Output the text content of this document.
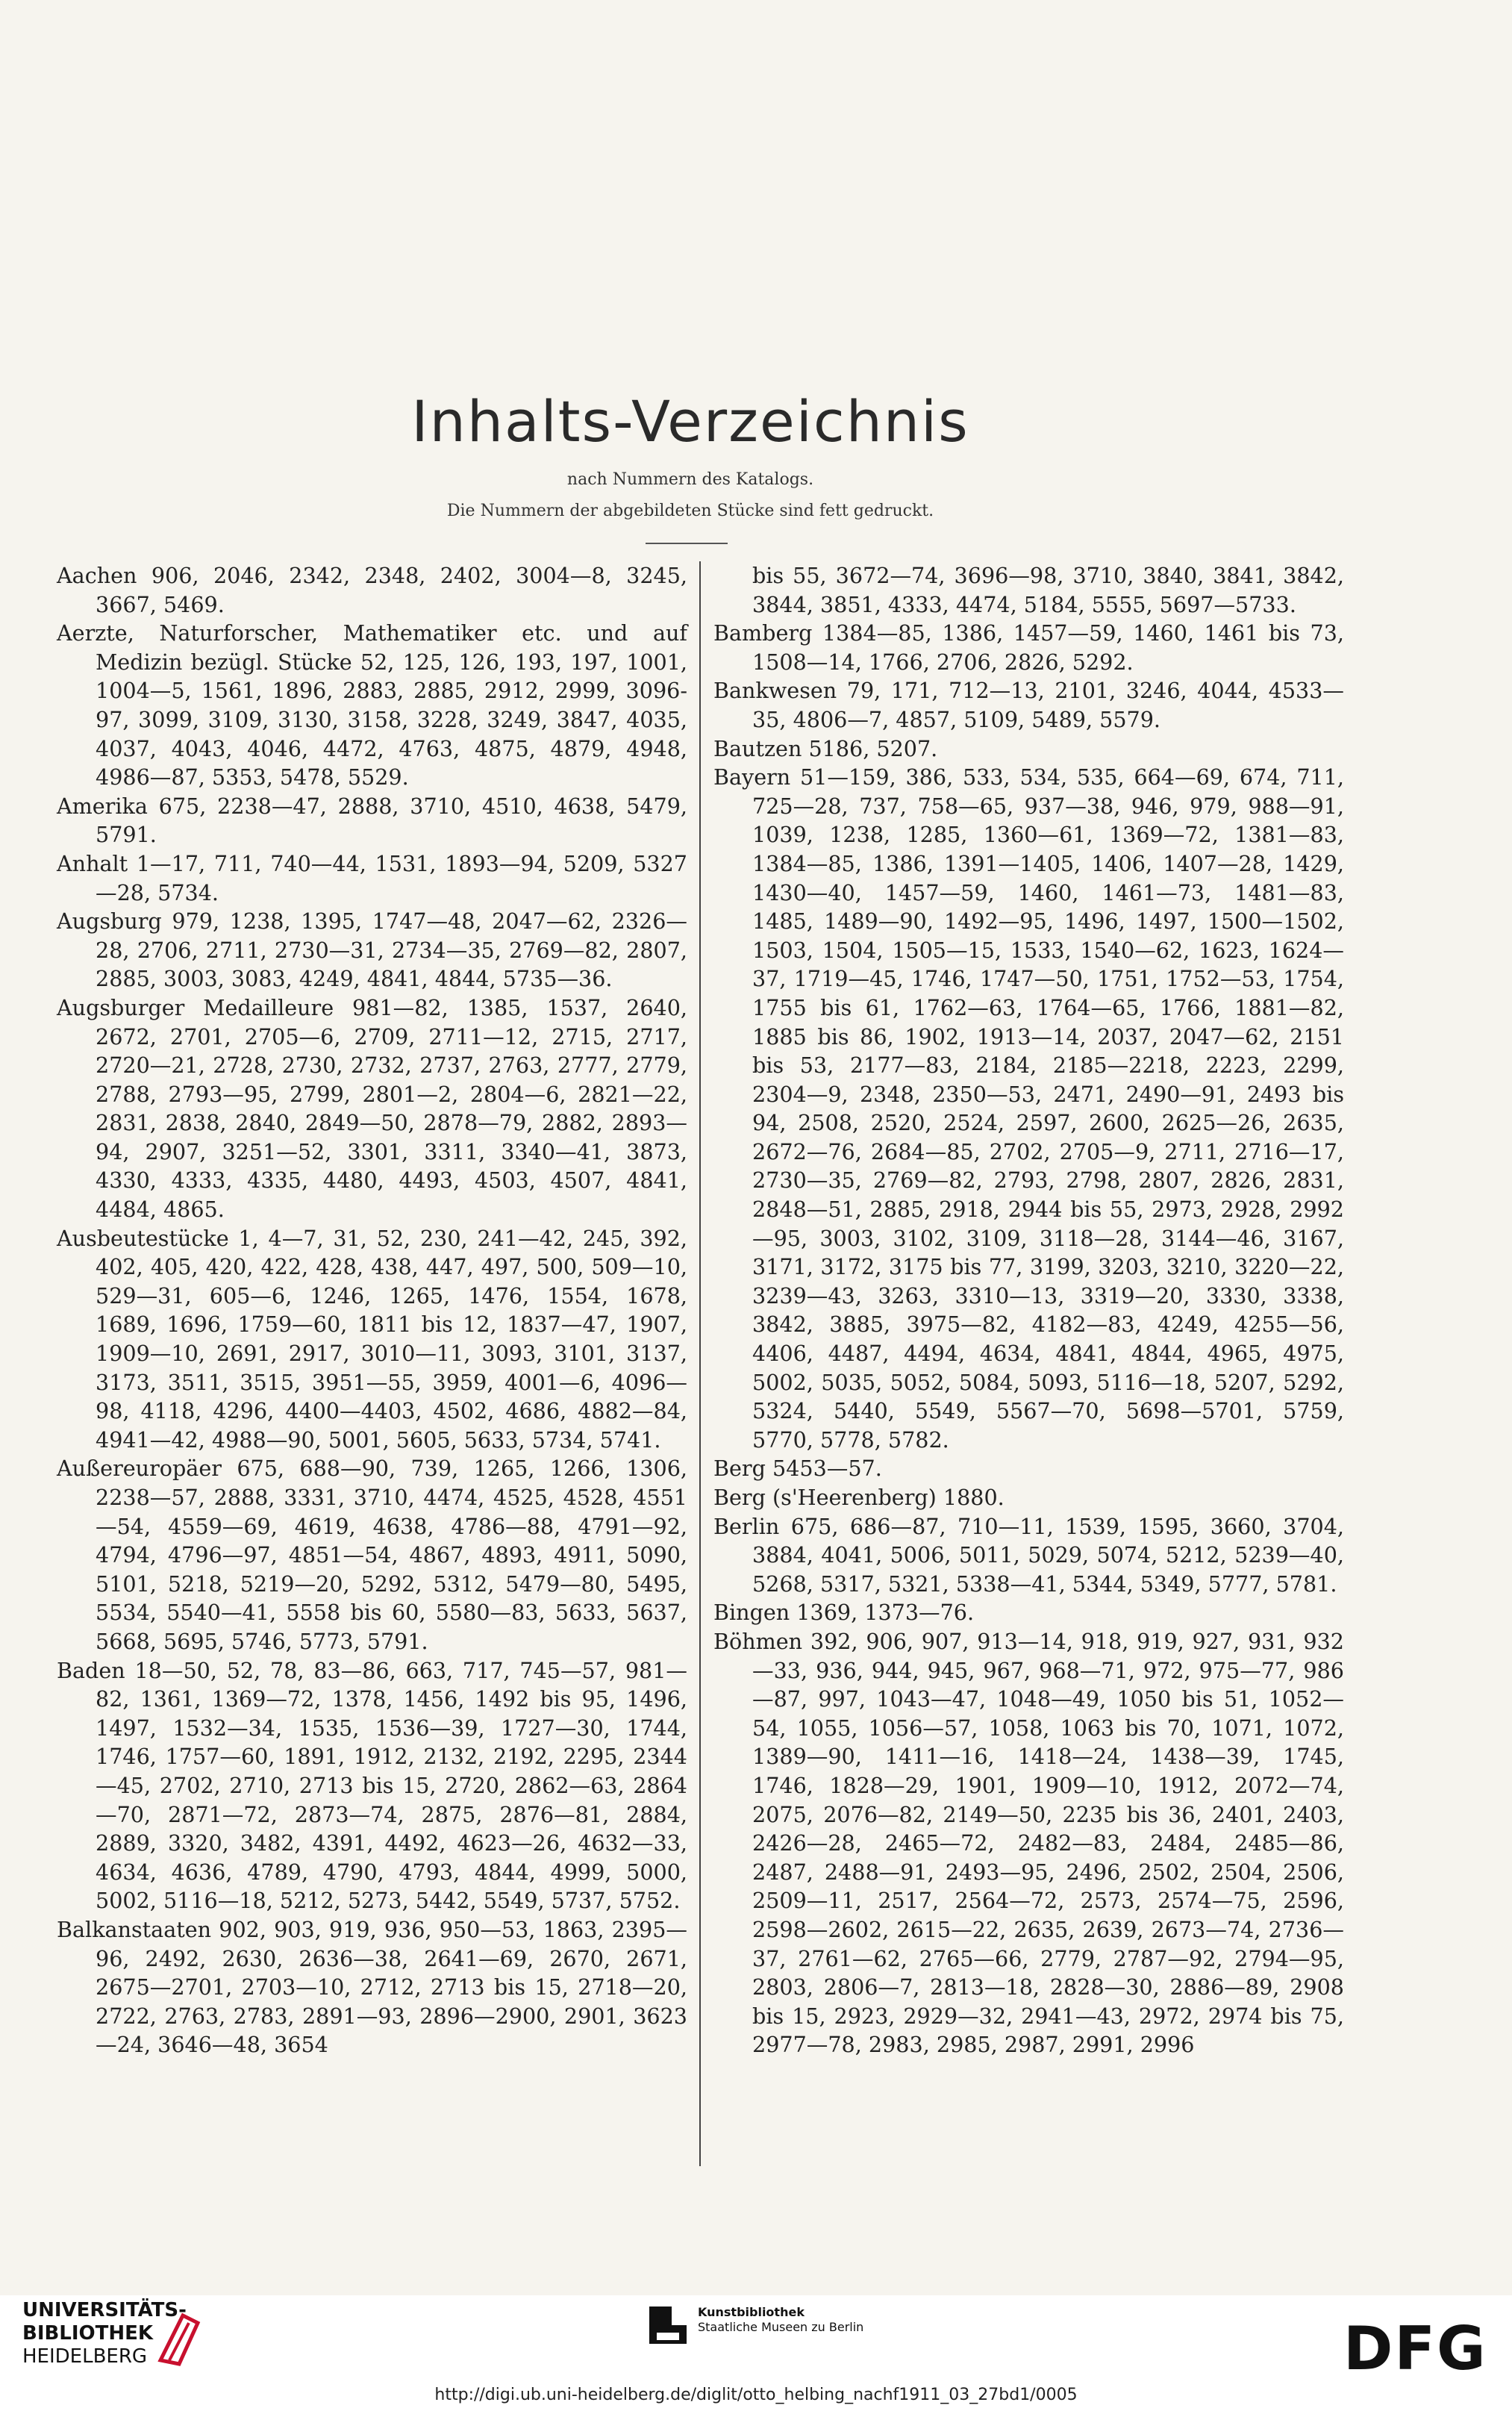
Inhalts-Verzeichnis
nach Nummern des Katalogs.
Die Nummern der abgebildeten Stücke sind fett gedruckt.

Aachen 906, 2046, 2342, 2348, 2402, 3004—8, 3245, 3667, 5469.

Aerzte, Naturforscher, Mathematiker etc. und auf Medizin bezügl. Stücke 52, 125, 126, 193, 197, 1001, 1004—5, 1561, 1896, 2883, 2885, 2912, 2999, 3096- 97, 3099, 3109, 3130, 3158, 3228, 3249, 3847, 4035, 4037, 4043, 4046, 4472, 4763, 4875, 4879, 4948, 4986—87, 5353, 5478, 5529.

Amerika 675, 2238—47, 2888, 3710, 4510, 4638, 5479, 5791.

Anhalt 1—17, 711, 740—44, 1531, 1893—94, 5209, 5327—28, 5734.

Augsburg 979, 1238, 1395, 1747—48, 2047—62, 2326—28, 2706, 2711, 2730—31, 2734—35, 2769—82, 2807, 2885, 3003, 3083, 4249, 4841, 4844, 5735—36.

Augsburger Medailleure 981—82, 1385, 1537, 2640, 2672, 2701, 2705—6, 2709, 2711—12, 2715, 2717, 2720—21, 2728, 2730, 2732, 2737, 2763, 2777, 2779, 2788, 2793—95, 2799, 2801—2, 2804—6, 2821—22, 2831, 2838, 2840, 2849—50, 2878—79, 2882, 2893—94, 2907, 3251—52, 3301, 3311, 3340—41, 3873, 4330, 4333, 4335, 4480, 4493, 4503, 4507, 4841, 4484, 4865.

Ausbeutestücke 1, 4—7, 31, 52, 230, 241—42, 245, 392, 402, 405, 420, 422, 428, 438, 447, 497, 500, 509—10, 529—31, 605—6, 1246, 1265, 1476, 1554, 1678, 1689, 1696, 1759—60, 1811 bis 12, 1837—47, 1907, 1909—10, 2691, 2917, 3010—11, 3093, 3101, 3137, 3173, 3511, 3515, 3951—55, 3959, 4001—6, 4096—98, 4118, 4296, 4400—4403, 4502, 4686, 4882—84, 4941—42, 4988—90, 5001, 5605, 5633, 5734, 5741.

Außereuropäer 675, 688—90, 739, 1265, 1266, 1306, 2238—57, 2888, 3331, 3710, 4474, 4525, 4528, 4551—54, 4559—69, 4619, 4638, 4786—88, 4791—92, 4794, 4796—97, 4851—54, 4867, 4893, 4911, 5090, 5101, 5218, 5219—20, 5292, 5312, 5479—80, 5495, 5534, 5540—41, 5558 bis 60, 5580—83, 5633, 5637, 5668, 5695, 5746, 5773, 5791.

Baden 18—50, 52, 78, 83—86, 663, 717, 745—57, 981—82, 1361, 1369—72, 1378, 1456, 1492 bis 95, 1496, 1497, 1532—34, 1535, 1536—39, 1727—30, 1744, 1746, 1757—60, 1891, 1912, 2132, 2192, 2295, 2344—45, 2702, 2710, 2713 bis 15, 2720, 2862—63, 2864—70, 2871—72, 2873—74, 2875, 2876—81, 2884, 2889, 3320, 3482, 4391, 4492, 4623—26, 4632—33, 4634, 4636, 4789, 4790, 4793, 4844, 4999, 5000, 5002, 5116—18, 5212, 5273, 5442, 5549, 5737, 5752.

Balkanstaaten 902, 903, 919, 936, 950—53, 1863, 2395—96, 2492, 2630, 2636—38, 2641—69, 2670, 2671, 2675—2701, 2703—10, 2712, 2713 bis 15, 2718—20, 2722, 2763, 2783, 2891—93, 2896—2900, 2901, 3623—24, 3646—48, 3654

bis 55, 3672—74, 3696—98, 3710, 3840, 3841, 3842, 3844, 3851, 4333, 4474, 5184, 5555, 5697—5733.

Bamberg 1384—85, 1386, 1457—59, 1460, 1461 bis 73, 1508—14, 1766, 2706, 2826, 5292.

Bankwesen 79, 171, 712—13, 2101, 3246, 4044, 4533—35, 4806—7, 4857, 5109, 5489, 5579.

Bautzen 5186, 5207.

Bayern 51—159, 386, 533, 534, 535, 664—69, 674, 711, 725—28, 737, 758—65, 937—38, 946, 979, 988—91, 1039, 1238, 1285, 1360—61, 1369—72, 1381—83, 1384—85, 1386, 1391—1405, 1406, 1407—28, 1429, 1430—40, 1457—59, 1460, 1461—73, 1481—83, 1485, 1489—90, 1492—95, 1496, 1497, 1500—1502, 1503, 1504, 1505—15, 1533, 1540—62, 1623, 1624—37, 1719—45, 1746, 1747—50, 1751, 1752—53, 1754, 1755 bis 61, 1762—63, 1764—65, 1766, 1881—82, 1885 bis 86, 1902, 1913—14, 2037, 2047—62, 2151 bis 53, 2177—83, 2184, 2185—2218, 2223, 2299, 2304—9, 2348, 2350—53, 2471, 2490—91, 2493 bis 94, 2508, 2520, 2524, 2597, 2600, 2625—26, 2635, 2672—76, 2684—85, 2702, 2705—9, 2711, 2716—17, 2730—35, 2769—82, 2793, 2798, 2807, 2826, 2831, 2848—51, 2885, 2918, 2944 bis 55, 2973, 2928, 2992—95, 3003, 3102, 3109, 3118—28, 3144—46, 3167, 3171, 3172, 3175 bis 77, 3199, 3203, 3210, 3220—22, 3239—43, 3263, 3310—13, 3319—20, 3330, 3338, 3842, 3885, 3975—82, 4182—83, 4249, 4255—56, 4406, 4487, 4494, 4634, 4841, 4844, 4965, 4975, 5002, 5035, 5052, 5084, 5093, 5116—18, 5207, 5292, 5324, 5440, 5549, 5567—70, 5698—5701, 5759, 5770, 5778, 5782.

Berg 5453—57.

Berg (s'Heerenberg) 1880.

Berlin 675, 686—87, 710—11, 1539, 1595, 3660, 3704, 3884, 4041, 5006, 5011, 5029, 5074, 5212, 5239—40, 5268, 5317, 5321, 5338—41, 5344, 5349, 5777, 5781.

Bingen 1369, 1373—76.

Böhmen 392, 906, 907, 913—14, 918, 919, 927, 931, 932—33, 936, 944, 945, 967, 968—71, 972, 975—77, 986—87, 997, 1043—47, 1048—49, 1050 bis 51, 1052—54, 1055, 1056—57, 1058, 1063 bis 70, 1071, 1072, 1389—90, 1411—16, 1418—24, 1438—39, 1745, 1746, 1828—29, 1901, 1909—10, 1912, 2072—74, 2075, 2076—82, 2149—50, 2235 bis 36, 2401, 2403, 2426—28, 2465—72, 2482—83, 2484, 2485—86, 2487, 2488—91, 2493—95, 2496, 2502, 2504, 2506, 2509—11, 2517, 2564—72, 2573, 2574—75, 2596, 2598—2602, 2615—22, 2635, 2639, 2673—74, 2736—37, 2761—62, 2765—66, 2779, 2787—92, 2794—95, 2803, 2806—7, 2813—18, 2828—30, 2886—89, 2908 bis 15, 2923, 2929—32, 2941—43, 2972, 2974 bis 75, 2977—78, 2983, 2985, 2987, 2991, 2996

UNIVERSITÄTS-
BIBLIOTHEK
HEIDELBERG
Kunstbibliothek
Staatliche Museen zu Berlin	DFG
http://digi.ub.uni-heidelberg.de/diglit/otto_helbing_nachf1911_03_27bd1/0005
